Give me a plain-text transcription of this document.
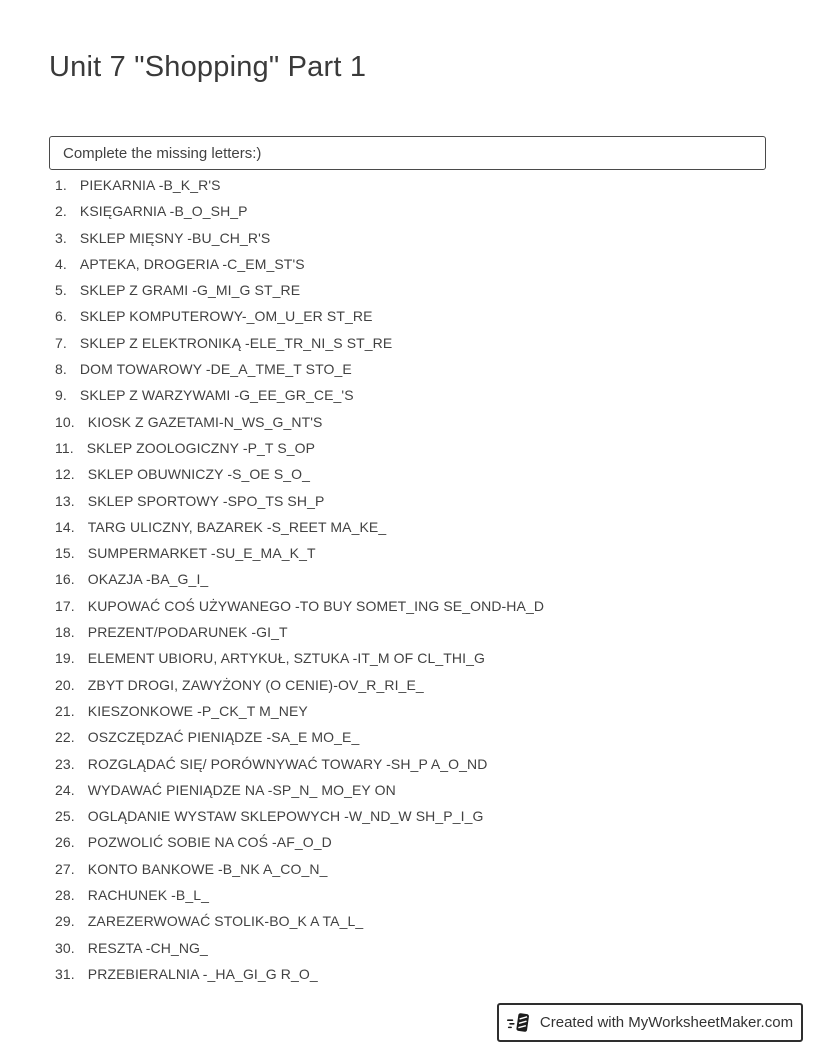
Unit 7 "Shopping" Part 1
Complete the missing letters:)
1. PIEKARNIA -B_K_R'S
2. KSIĘGARNIA -B_O_SH_P
3. SKLEP MIĘSNY -BU_CH_R'S
4. APTEKA, DROGERIA -C_EM_ST'S
5. SKLEP Z GRAMI -G_MI_G ST_RE
6. SKLEP KOMPUTEROWY-_OM_U_ER ST_RE
7. SKLEP Z ELEKTRONIKĄ -ELE_TR_NI_S ST_RE
8. DOM TOWAROWY -DE_A_TME_T STO_E
9. SKLEP Z WARZYWAMI -G_EE_GR_CE_'S
10. KIOSK Z GAZETAMI-N_WS_G_NT'S
11. SKLEP ZOOLOGICZNY -P_T S_OP
12. SKLEP OBUWNICZY -S_OE S_O_
13. SKLEP SPORTOWY -SPO_TS SH_P
14. TARG ULICZNY, BAZAREK -S_REET MA_KE_
15. SUMPERMARKET -SU_E_MA_K_T
16. OKAZJA -BA_G_I_
17. KUPOWAĆ COŚ UŻYWANEGO -TO BUY SOMET_ING SE_OND-HA_D
18. PREZENT/PODARUNEK -GI_T
19. ELEMENT UBIORU, ARTYKUŁ, SZTUKA -IT_M OF CL_THI_G
20. ZBYT DROGI, ZAWYŻONY (O CENIE)-OV_R_RI_E_
21. KIESZONKOWE -P_CK_T M_NEY
22. OSZCZĘDZAĆ PIENIĄDZE -SA_E MO_E_
23. ROZGLĄDAĆ SIĘ/ PORÓWNYWAĆ TOWARY -SH_P A_O_ND
24. WYDAWAĆ PIENIĄDZE NA -SP_N_ MO_EY ON
25. OGLĄDANIE WYSTAW SKLEPOWYCH -W_ND_W SH_P_I_G
26. POZWOLIĆ SOBIE NA COŚ -AF_O_D
27. KONTO BANKOWE -B_NK A_CO_N_
28. RACHUNEK -B_L_
29. ZAREZERWOWAĆ STOLIK-BO_K A TA_L_
30. RESZTA -CH_NG_
31. PRZEBIERALNIA -_HA_GI_G R_O_
Created with MyWorksheetMaker.com
